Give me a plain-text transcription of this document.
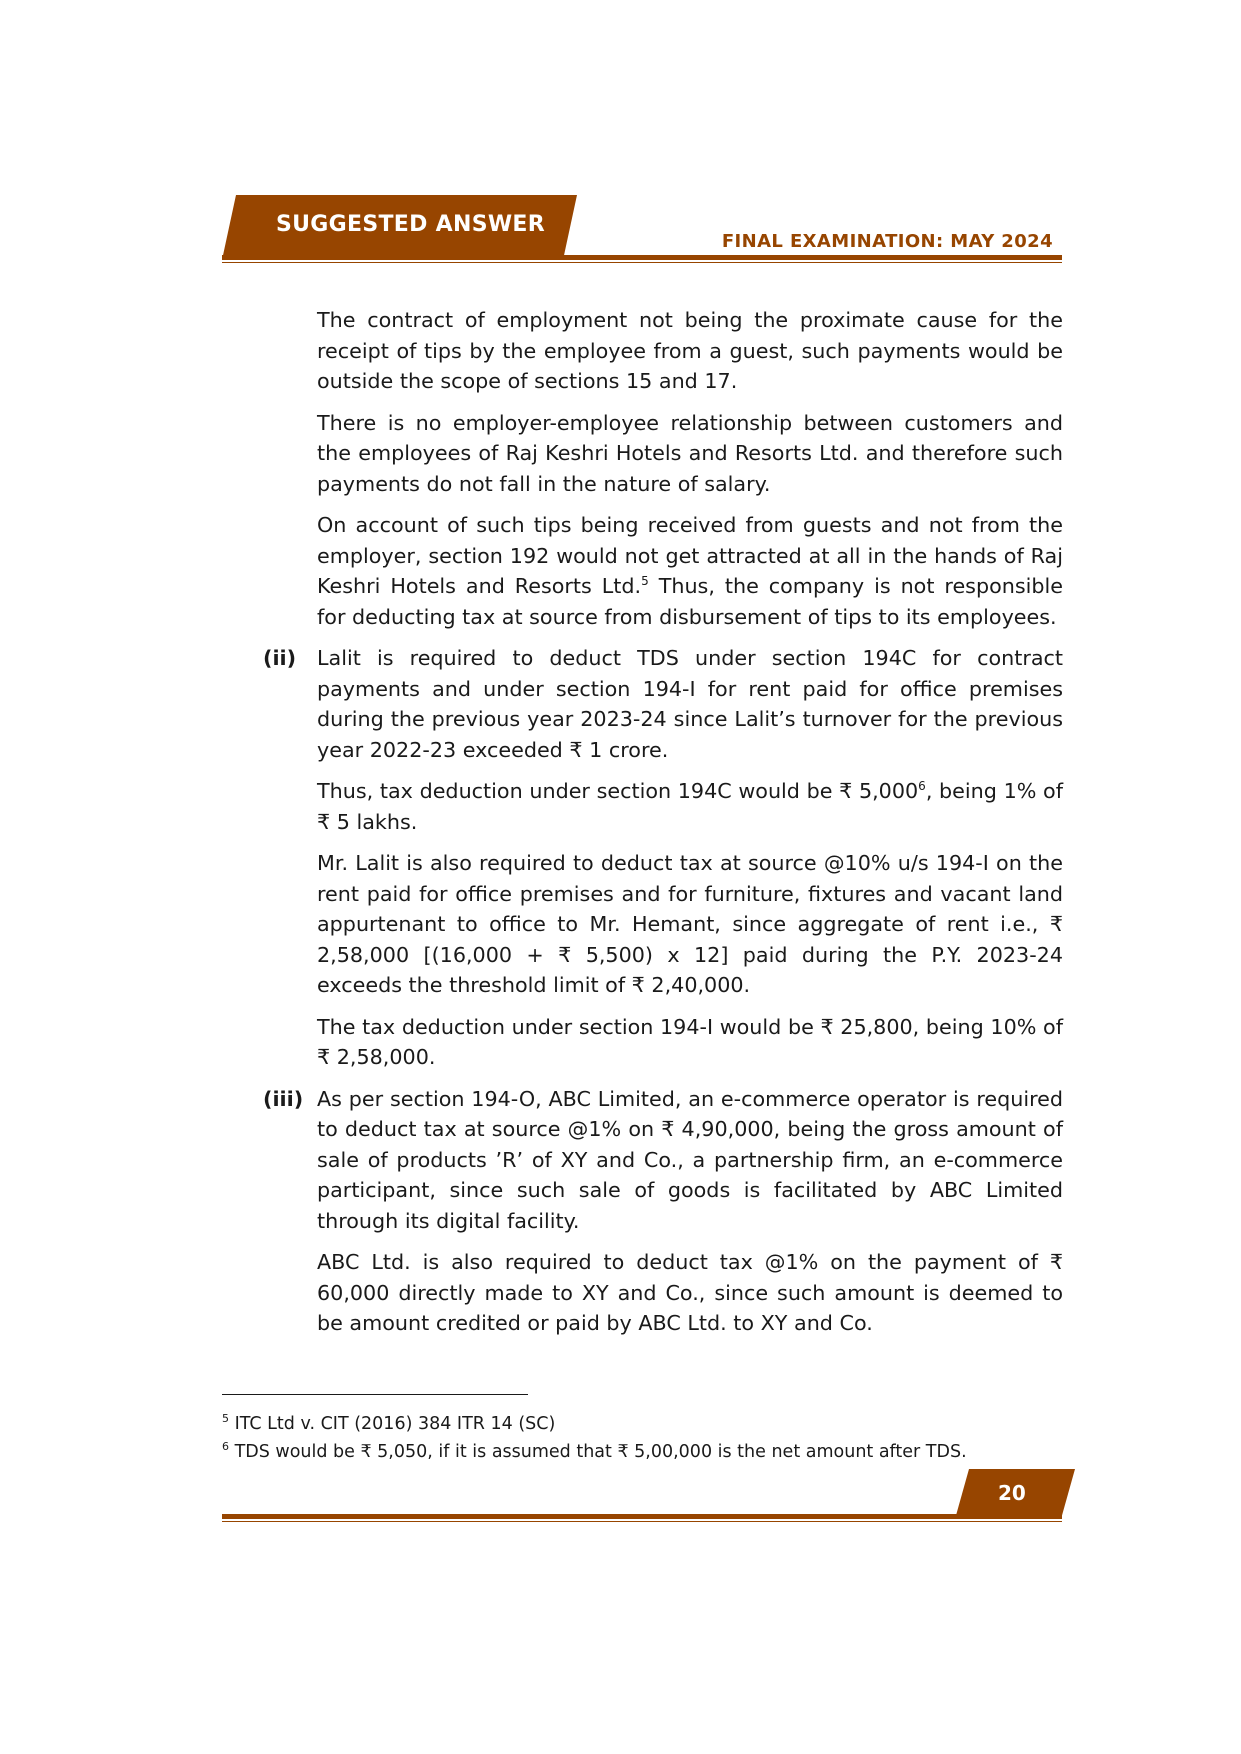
SUGGESTED ANSWER
FINAL EXAMINATION: MAY 2024
The contract of employment not being the proximate cause for the receipt of tips by the employee from a guest, such payments would be outside the scope of sections 15 and 17.
There is no employer-employee relationship between customers and the employees of Raj Keshri Hotels and Resorts Ltd. and therefore such payments do not fall in the nature of salary.
On account of such tips being received from guests and not from the employer, section 192 would not get attracted at all in the hands of Raj Keshri Hotels and Resorts Ltd.$^5$ Thus, the company is not responsible for deducting tax at source from disbursement of tips to its employees.
(ii)	Lalit is required to deduct TDS under section 194C for contract payments and under section 194-I for rent paid for office premises during the previous year 2023-24 since Lalit’s turnover for the previous year 2022-23 exceeded ₹ 1 crore.
Thus, tax deduction under section 194C would be ₹ 5,000$^6$, being 1% of ₹ 5 lakhs.
Mr. Lalit is also required to deduct tax at source @10% u/s 194-I on the rent paid for office premises and for furniture, fixtures and vacant land appurtenant to office to Mr. Hemant, since aggregate of rent i.e., ₹ 2,58,000 [(16,000 + ₹ 5,500) x 12] paid during the P.Y. 2023-24 exceeds the threshold limit of ₹ 2,40,000.
The tax deduction under section 194-I would be ₹ 25,800, being 10% of ₹ 2,58,000.
(iii) As per section 194-O, ABC Limited, an e-commerce operator is required to deduct tax at source @1% on ₹ 4,90,000, being the gross amount of sale of products ’R’ of XY and Co., a partnership firm, an e-commerce participant, since such sale of goods is facilitated by ABC Limited through its digital facility.
ABC Ltd. is also required to deduct tax @1% on the payment of ₹ 60,000 directly made to XY and Co., since such amount is deemed to be amount credited or paid by ABC Ltd. to XY and Co.
$^5$ ITC Ltd v. CIT (2016) 384 ITR 14 (SC)
$^6$ TDS would be ₹ 5,050, if it is assumed that ₹ 5,00,000 is the net amount after TDS.
20
